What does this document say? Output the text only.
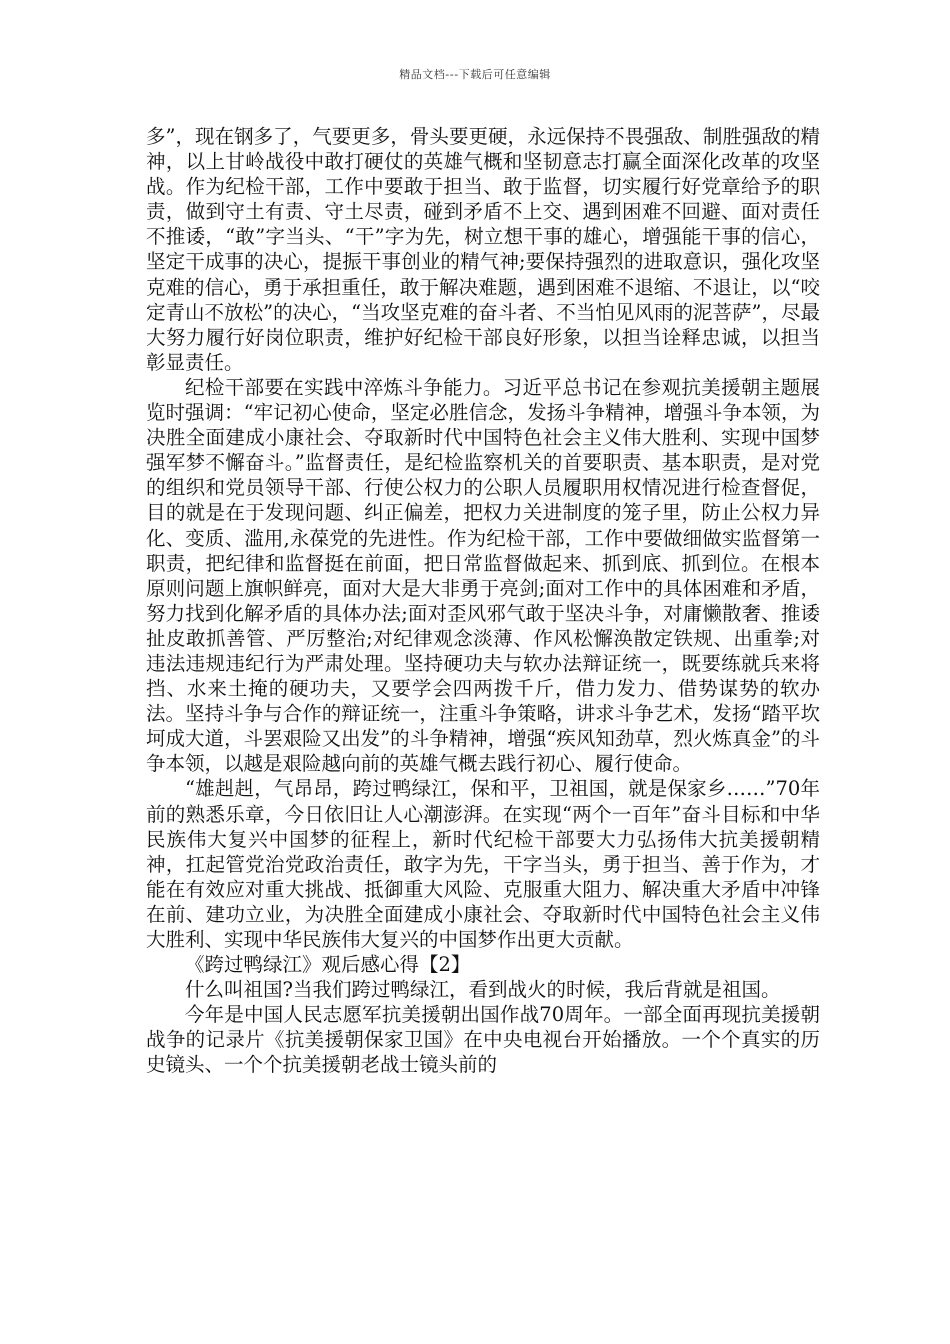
精品文档---下载后可任意编辑

多”，现在钢多了，气要更多，骨头要更硬，永远保持不畏强敌、制胜强敌的精神，以上甘岭战役中敢打硬仗的英雄气概和坚韧意志打赢全面深化改革的攻坚战。作为纪检干部，工作中要敢于担当、敢于监督，切实履行好党章给予的职责，做到守土有责、守土尽责，碰到矛盾不上交、遇到困难不回避、面对责任不推诿，“敢”字当头、“干”字为先，树立想干事的雄心，增强能干事的信心，坚定干成事的决心，提振干事创业的精气神;要保持强烈的进取意识，强化攻坚克难的信心，勇于承担重任，敢于解决难题，遇到困难不退缩、不退让，以“咬定青山不放松”的决心，“当攻坚克难的奋斗者、不当怕见风雨的泥菩萨”，尽最大努力履行好岗位职责，维护好纪检干部良好形象，以担当诠释忠诚，以担当彰显责任。

纪检干部要在实践中淬炼斗争能力。习近平总书记在参观抗美援朝主题展览时强调：“牢记初心使命，坚定必胜信念，发扬斗争精神，增强斗争本领，为决胜全面建成小康社会、夺取新时代中国特色社会主义伟大胜利、实现中国梦强军梦不懈奋斗。”监督责任，是纪检监察机关的首要职责、基本职责，是对党的组织和党员领导干部、行使公权力的公职人员履职用权情况进行检查督促，目的就是在于发现问题、纠正偏差，把权力关进制度的笼子里，防止公权力异化、变质、滥用,永葆党的先进性。作为纪检干部，工作中要做细做实监督第一职责，把纪律和监督挺在前面，把日常监督做起来、抓到底、抓到位。在根本原则问题上旗帜鲜亮，面对大是大非勇于亮剑;面对工作中的具体困难和矛盾，努力找到化解矛盾的具体办法;面对歪风邪气敢于坚决斗争，对庸懒散奢、推诿扯皮敢抓善管、严厉整治;对纪律观念淡薄、作风松懈涣散定铁规、出重拳;对违法违规违纪行为严肃处理。坚持硬功夫与软办法辩证统一，既要练就兵来将挡、水来土掩的硬功夫，又要学会四两拨千斤，借力发力、借势谋势的软办法。坚持斗争与合作的辩证统一，注重斗争策略，讲求斗争艺术，发扬“踏平坎坷成大道，斗罢艰险又出发”的斗争精神，增强“疾风知劲草，烈火炼真金”的斗争本领，以越是艰险越向前的英雄气概去践行初心、履行使命。

“雄赳赳，气昂昂，跨过鸭绿江，保和平，卫祖国，就是保家乡……”70年前的熟悉乐章，今日依旧让人心潮澎湃。在实现“两个一百年”奋斗目标和中华民族伟大复兴中国梦的征程上，新时代纪检干部要大力弘扬伟大抗美援朝精神，扛起管党治党政治责任，敢字为先，干字当头，勇于担当、善于作为，才能在有效应对重大挑战、抵御重大风险、克服重大阻力、解决重大矛盾中冲锋在前、建功立业，为决胜全面建成小康社会、夺取新时代中国特色社会主义伟大胜利、实现中华民族伟大复兴的中国梦作出更大贡献。

《跨过鸭绿江》观后感心得【2】

什么叫祖国?当我们跨过鸭绿江，看到战火的时候，我后背就是祖国。

今年是中国人民志愿军抗美援朝出国作战70周年。一部全面再现抗美援朝战争的记录片《抗美援朝保家卫国》在中央电视台开始播放。一个个真实的历史镜头、一个个抗美援朝老战士镜头前的
